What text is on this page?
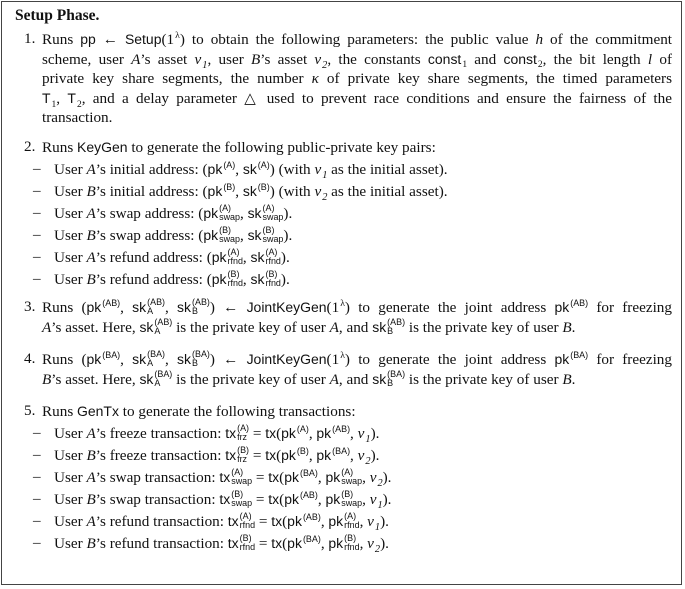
Setup Phase.
1. Runs pp ← Setup(1λ) to obtain the following parameters: the public value h of the commitment
scheme, user A’s asset v1, user B’s asset v2, the constants const1 and const2, the bit length l of
private key share segments, the number κ of private key share segments, the timed parameters
T1, T2, and a delay parameter △ used to prevent race conditions and ensure the fairness of the
transaction.
2. Runs KeyGen to generate the following public-private key pairs:
– User A’s initial address: (pk(A), sk(A)) (with v1 as the initial asset).
– User B’s initial address: (pk(B), sk(B)) (with v2 as the initial asset).
– User A’s swap address: (pk (A)
swap , sk (A)
swap ).
– User B’s swap address: (pk (B)
swap , sk (B)
swap ).
– User A’s refund address: (pk (A)
rfnd , sk (A)
rfnd ).
– User B’s refund address: (pk (B)
rfnd , sk (B)
rfnd ).
3. Runs (pk(AB), sk (AB)
A , sk (AB)
B ) ← JointKeyGen(1λ) to generate the joint address pk(AB) for freezing
A’s asset. Here, sk (AB)
A is the private key of user A, and sk (AB)
B is the private key of user B.
4. Runs (pk(BA), sk (BA)
A , sk (BA)
B ) ← JointKeyGen(1λ) to generate the joint address pk(BA) for freezing
B’s asset. Here, sk (BA)
A is the private key of user A, and sk (BA)
B is the private key of user B.
5. Runs GenTx to generate the following transactions:
– User A’s freeze transaction: tx (A)
frz = tx(pk(A), pk(AB), v1).
– User B’s freeze transaction: tx (B)
frz = tx(pk(B), pk(BA), v2).
– User A’s swap transaction: tx (A)
swap = tx(pk(BA), pk (A)
swap , v2).
– User B’s swap transaction: tx (B)
swap = tx(pk(AB), pk (B)
swap , v1).
– User A’s refund transaction: tx (A)
rfnd = tx(pk(AB), pk (A)
rfnd , v1).
– User B’s refund transaction: tx (B)
rfnd = tx(pk(BA), pk (B)
rfnd , v2).
